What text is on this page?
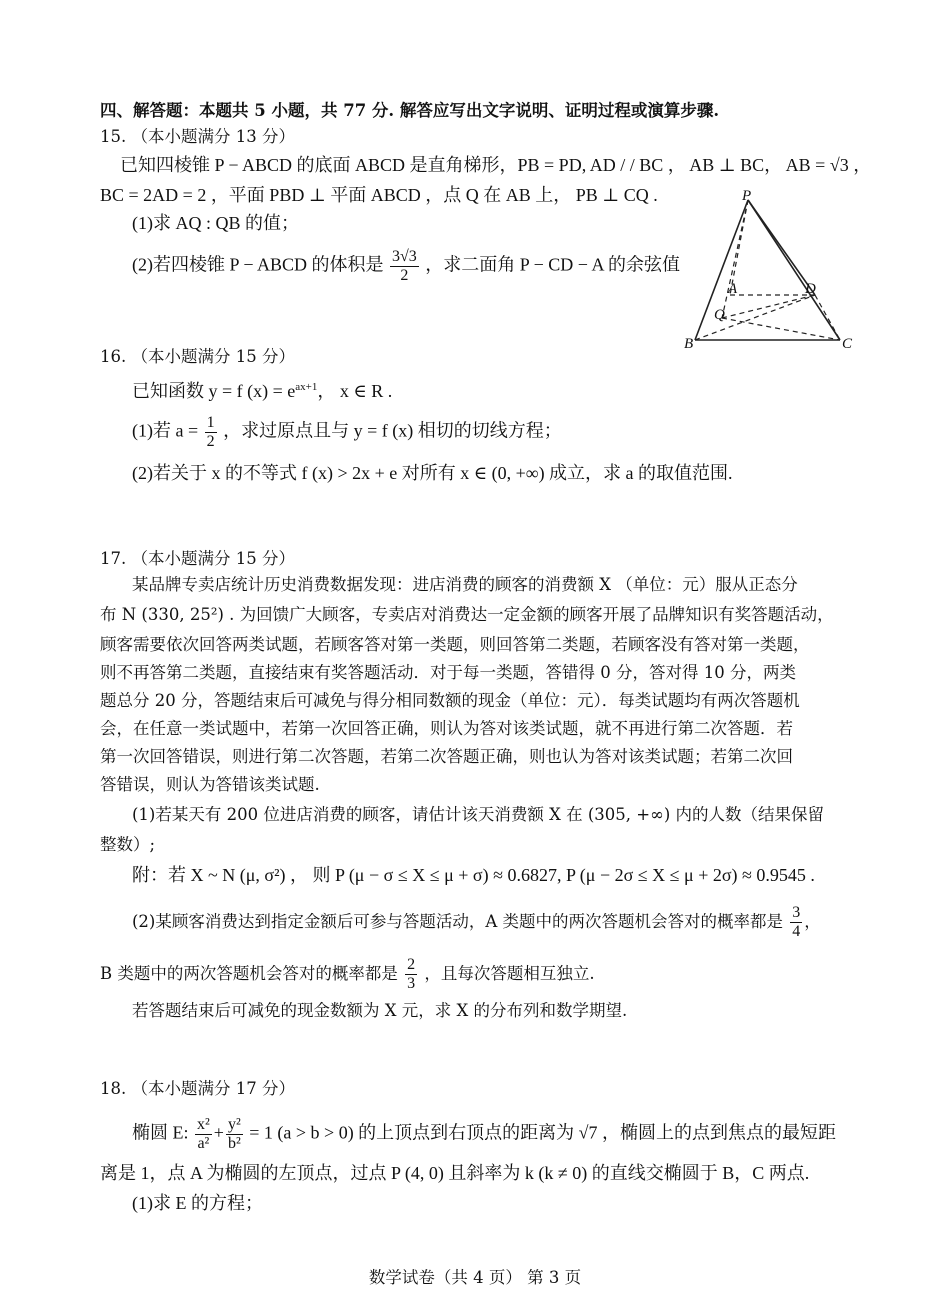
四、解答题：本题共 5 小题，共 77 分. 解答应写出文字说明、证明过程或演算步骤.
15. （本小题满分 13 分）
已知四棱锥 P − ABCD 的底面 ABCD 是直角梯形，PB = PD, AD / / BC ， AB ⊥ BC， AB = √3 ，
BC = 2AD = 2 ，平面 PBD ⊥ 平面 ABCD ，点 Q 在 AB 上， PB ⊥ CQ .
(1)求 AQ : QB 的值；
(2)若四棱锥 P − ABCD 的体积是 $\frac{3√3}{2}$ ，求二面角 P − CD − A 的余弦值
P
A	D
Q
B	C
16. （本小题满分 15 分）
已知函数 y = f $(x) = e^{ax+1}$， x ∈ R .
(1)若 $a = \frac{1}{2}$ ，求过原点且与 y = f (x) 相切的切线方程；
(2)若关于 x 的不等式 f (x) > 2x + e 对所有 x ∈ (0, +∞) 成立，求 a 的取值范围.
17. （本小题满分 15 分）
某品牌专卖店统计历史消费数据发现：进店消费的顾客的消费额 X （单位：元）服从正态分
布 N (330, 25²) . 为回馈广大顾客，专卖店对消费达一定金额的顾客开展了品牌知识有奖答题活动，
顾客需要依次回答两类试题，若顾客答对第一类题，则回答第二类题，若顾客没有答对第一类题，
则不再答第二类题，直接结束有奖答题活动．对于每一类题，答错得 0 分，答对得 10 分，两类
题总分 20 分，答题结束后可减免与得分相同数额的现金（单位：元）．每类试题均有两次答题机
会，在任意一类试题中，若第一次回答正确，则认为答对该类试题，就不再进行第二次答题．若
第一次回答错误，则进行第二次答题，若第二次答题正确，则也认为答对该类试题；若第二次回
答错误，则认为答错该类试题.
(1)若某天有 200 位进店消费的顾客，请估计该天消费额 X 在 (305, +∞) 内的人数（结果保留
整数）;
附：若 X ~ N (μ, σ²) ， 则 P (μ − σ ≤ X ≤ μ + σ) ≈ 0.6827, P (μ − 2σ ≤ X ≤ μ + 2σ) ≈ 0.9545 .
(2)某顾客消费达到指定金额后可参与答题活动，A 类题中的两次答题机会答对的概率都是 $\frac{3}{4}$ ，
B 类题中的两次答题机会答对的概率都是 $\frac{2}{3}$ ，且每次答题相互独立.
若答题结束后可减免的现金数额为 X 元，求 X 的分布列和数学期望.
18. （本小题满分 17 分）
椭圆 E: $\frac{\text{x²}}{\text{a²}} + \frac{\text{y²}}{\text{b²}} = 1$ (a > b > 0) 的上顶点到右顶点的距离为 √7 ，椭圆上的点到焦点的最短距
离是 1，点 A 为椭圆的左顶点，过点 P (4, 0) 且斜率为 k (k ≠ 0) 的直线交椭圆于 B，C 两点.
(1)求 E 的方程；
数学试卷（共 4 页） 第 3 页
